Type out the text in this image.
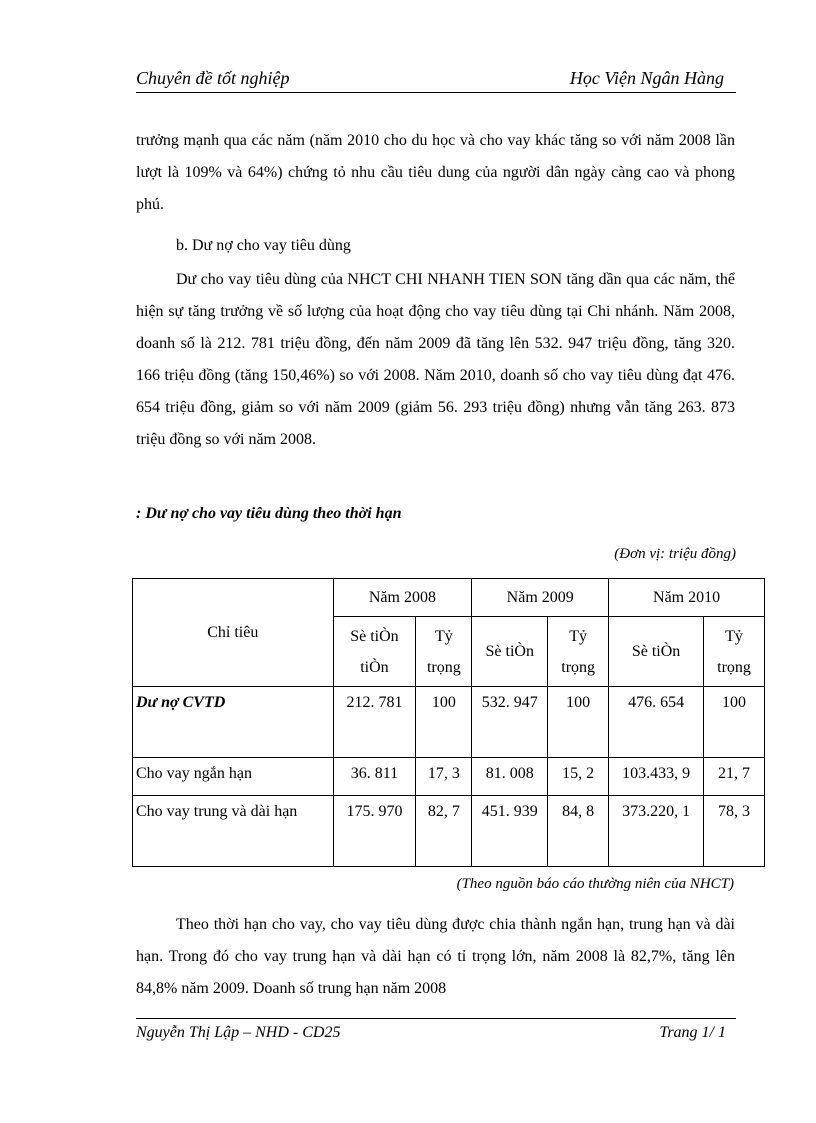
Chuyên đề tốt nghiệp	Học Viện Ngân Hàng

trưởng mạnh qua các năm (năm 2010 cho du học và cho vay khác tăng so với năm 2008 lần lượt là 109% và 64%) chứng tỏ nhu cầu tiêu dung của người dân ngày càng cao và phong phú.

b. Dư nợ cho vay tiêu dùng

Dư cho vay tiêu dùng của NHCT CHI NHANH TIEN SON tăng dần qua các năm, thể hiện sự tăng trưởng về số lượng của hoạt động cho vay tiêu dùng tại Chi nhánh. Năm 2008, doanh số là 212. 781 triệu đồng, đến năm 2009 đã tăng lên 532. 947 triệu đồng, tăng 320. 166 triệu đồng (tăng 150,46%) so với 2008. Năm 2010, doanh số cho vay tiêu dùng đạt 476. 654 triệu đồng, giảm so với năm 2009 (giảm 56. 293 triệu đồng) nhưng vẫn tăng 263. 873 triệu đồng so với năm 2008.

: Dư nợ cho vay tiêu dùng theo thời hạn
(Đơn vị: triệu đồng)
Chỉ tiêu	Năm 2008		Năm 2009		Năm 2010	
	Sè tiÒn tiÒn	Tỷ trọng	Sè tiÒn	Tỷ trọng	Sè tiÒn	Tỷ trọng
Dư nợ CVTD	212. 781	100	532. 947	100	476. 654	100
Cho vay ngắn hạn	36. 811	17, 3	81. 008	15, 2	103.433, 9	21, 7
Cho vay trung và dài hạn	175. 970	82, 7	451. 939	84, 8	373.220, 1	78, 3
(Theo nguồn báo cáo thường niên của NHCT)

Theo thời hạn cho vay, cho vay tiêu dùng được chia thành ngắn hạn, trung hạn và dài hạn. Trong đó cho vay trung hạn và dài hạn có tỉ trọng lớn, năm 2008 là 82,7%, tăng lên 84,8% năm 2009. Doanh số trung hạn năm 2008

Nguyễn Thị Lập – NHD - CD25	Trang 1/ 1
